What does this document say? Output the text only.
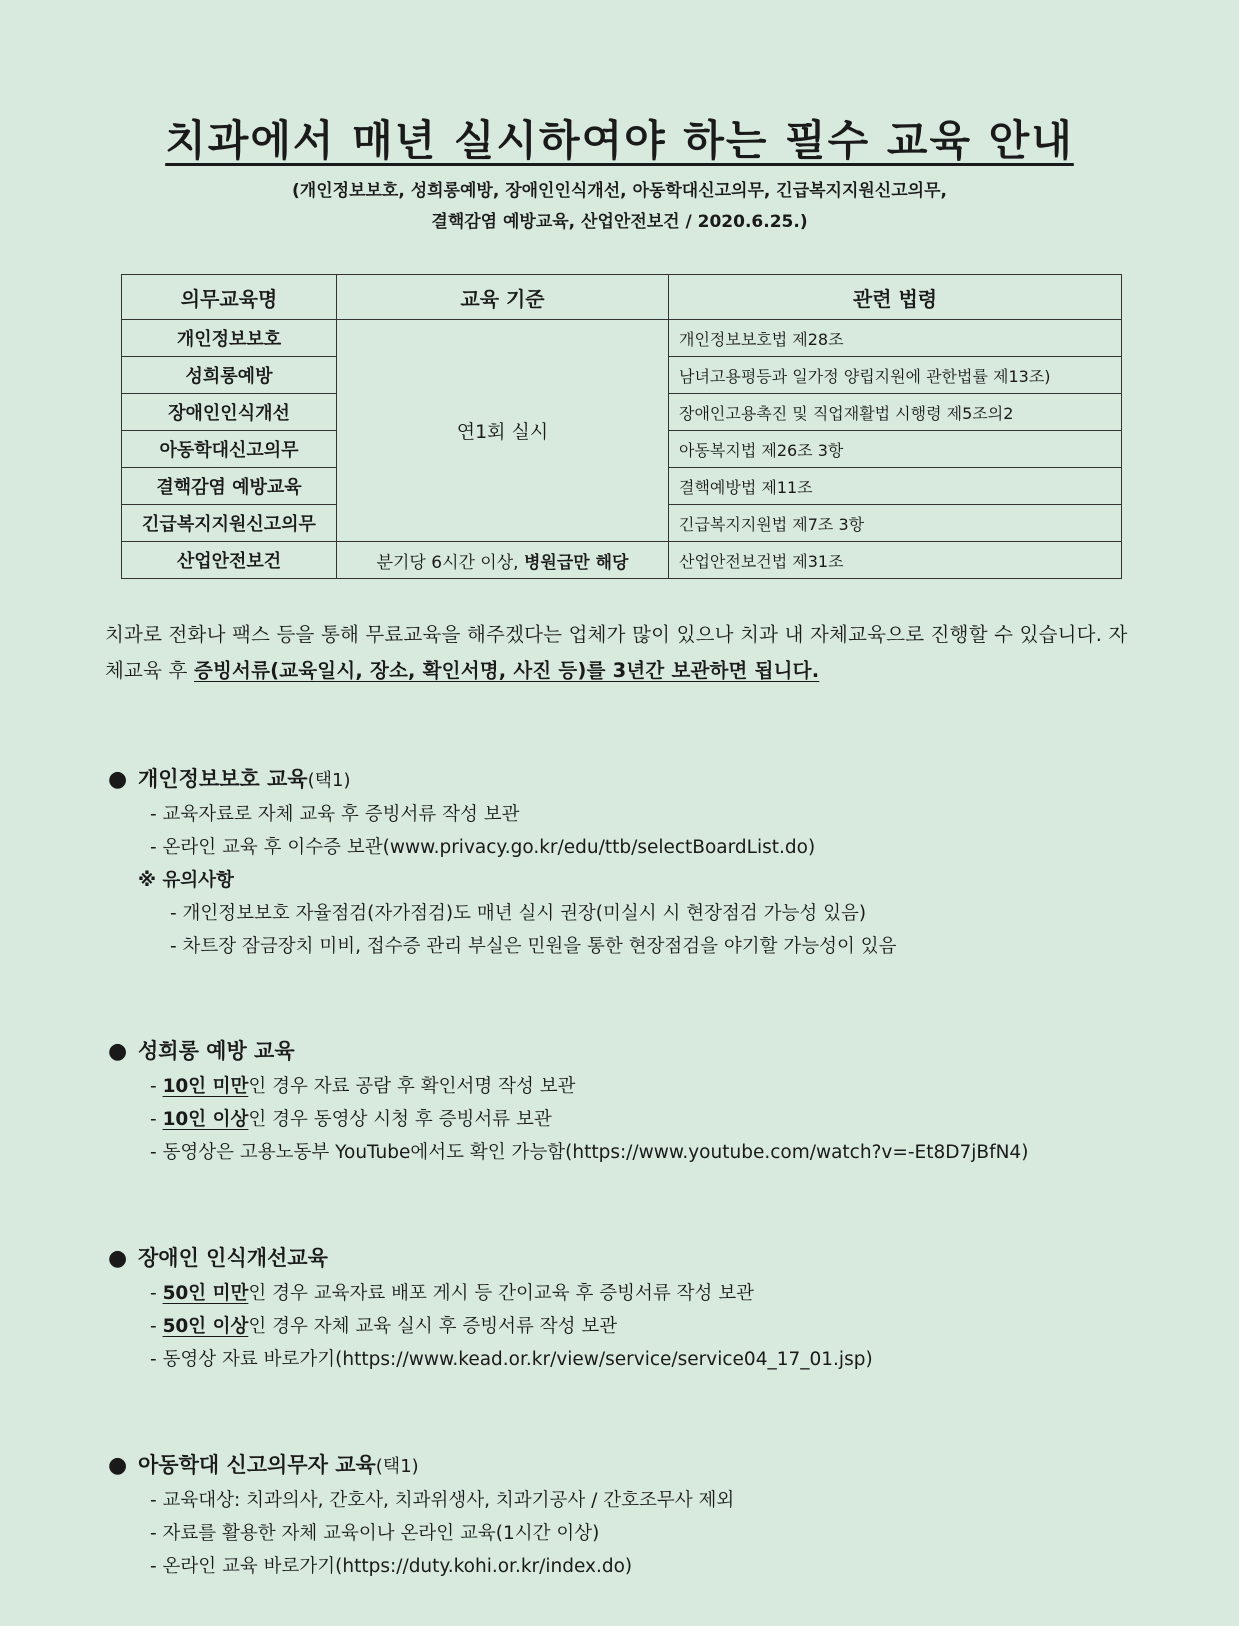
치과에서 매년 실시하여야 하는 필수 교육 안내
(개인정보보호, 성희롱예방, 장애인인식개선, 아동학대신고의무, 긴급복지지원신고의무,
결핵감염 예방교육, 산업안전보건 / 2020.6.25.)
의무교육명	교육 기준	관련 법령
개인정보보호	연1회 실시	개인정보보호법 제28조
성희롱예방		남녀고용평등과 일가정 양립지원에 관한법률 제13조)
장애인인식개선		장애인고용촉진 및 직업재활법 시행령 제5조의2
아동학대신고의무		아동복지법 제26조 3항
결핵감염 예방교육		결핵예방법 제11조
긴급복지지원신고의무		긴급복지지원법 제7조 3항
산업안전보건	분기당 6시간 이상, 병원급만 해당	산업안전보건법 제31조
치과로 전화나 팩스 등을 통해 무료교육을 해주겠다는 업체가 많이 있으나 치과 내 자체교육으로 진행할 수 있습니다. 자체교육 후 증빙서류(교육일시, 장소, 확인서명, 사진 등)를 3년간 보관하면 됩니다.
● 개인정보보호 교육(택1)
- 교육자료로 자체 교육 후 증빙서류 작성 보관
- 온라인 교육 후 이수증 보관(www.privacy.go.kr/edu/ttb/selectBoardList.do)
※ 유의사항
- 개인정보보호 자율점검(자가점검)도 매년 실시 권장(미실시 시 현장점검 가능성 있음)
- 차트장 잠금장치 미비, 접수증 관리 부실은 민원을 통한 현장점검을 야기할 가능성이 있음
● 성희롱 예방 교육
- 10인 미만인 경우 자료 공람 후 확인서명 작성 보관
- 10인 이상인 경우 동영상 시청 후 증빙서류 보관
- 동영상은 고용노동부 YouTube에서도 확인 가능함(https://www.youtube.com/watch?v=-Et8D7jBfN4)
● 장애인 인식개선교육
- 50인 미만인 경우 교육자료 배포 게시 등 간이교육 후 증빙서류 작성 보관
- 50인 이상인 경우 자체 교육 실시 후 증빙서류 작성 보관
- 동영상 자료 바로가기(https://www.kead.or.kr/view/service/service04_17_01.jsp)
● 아동학대 신고의무자 교육(택1)
- 교육대상: 치과의사, 간호사, 치과위생사, 치과기공사 / 간호조무사 제외
- 자료를 활용한 자체 교육이나 온라인 교육(1시간 이상)
- 온라인 교육 바로가기(https://duty.kohi.or.kr/index.do)
